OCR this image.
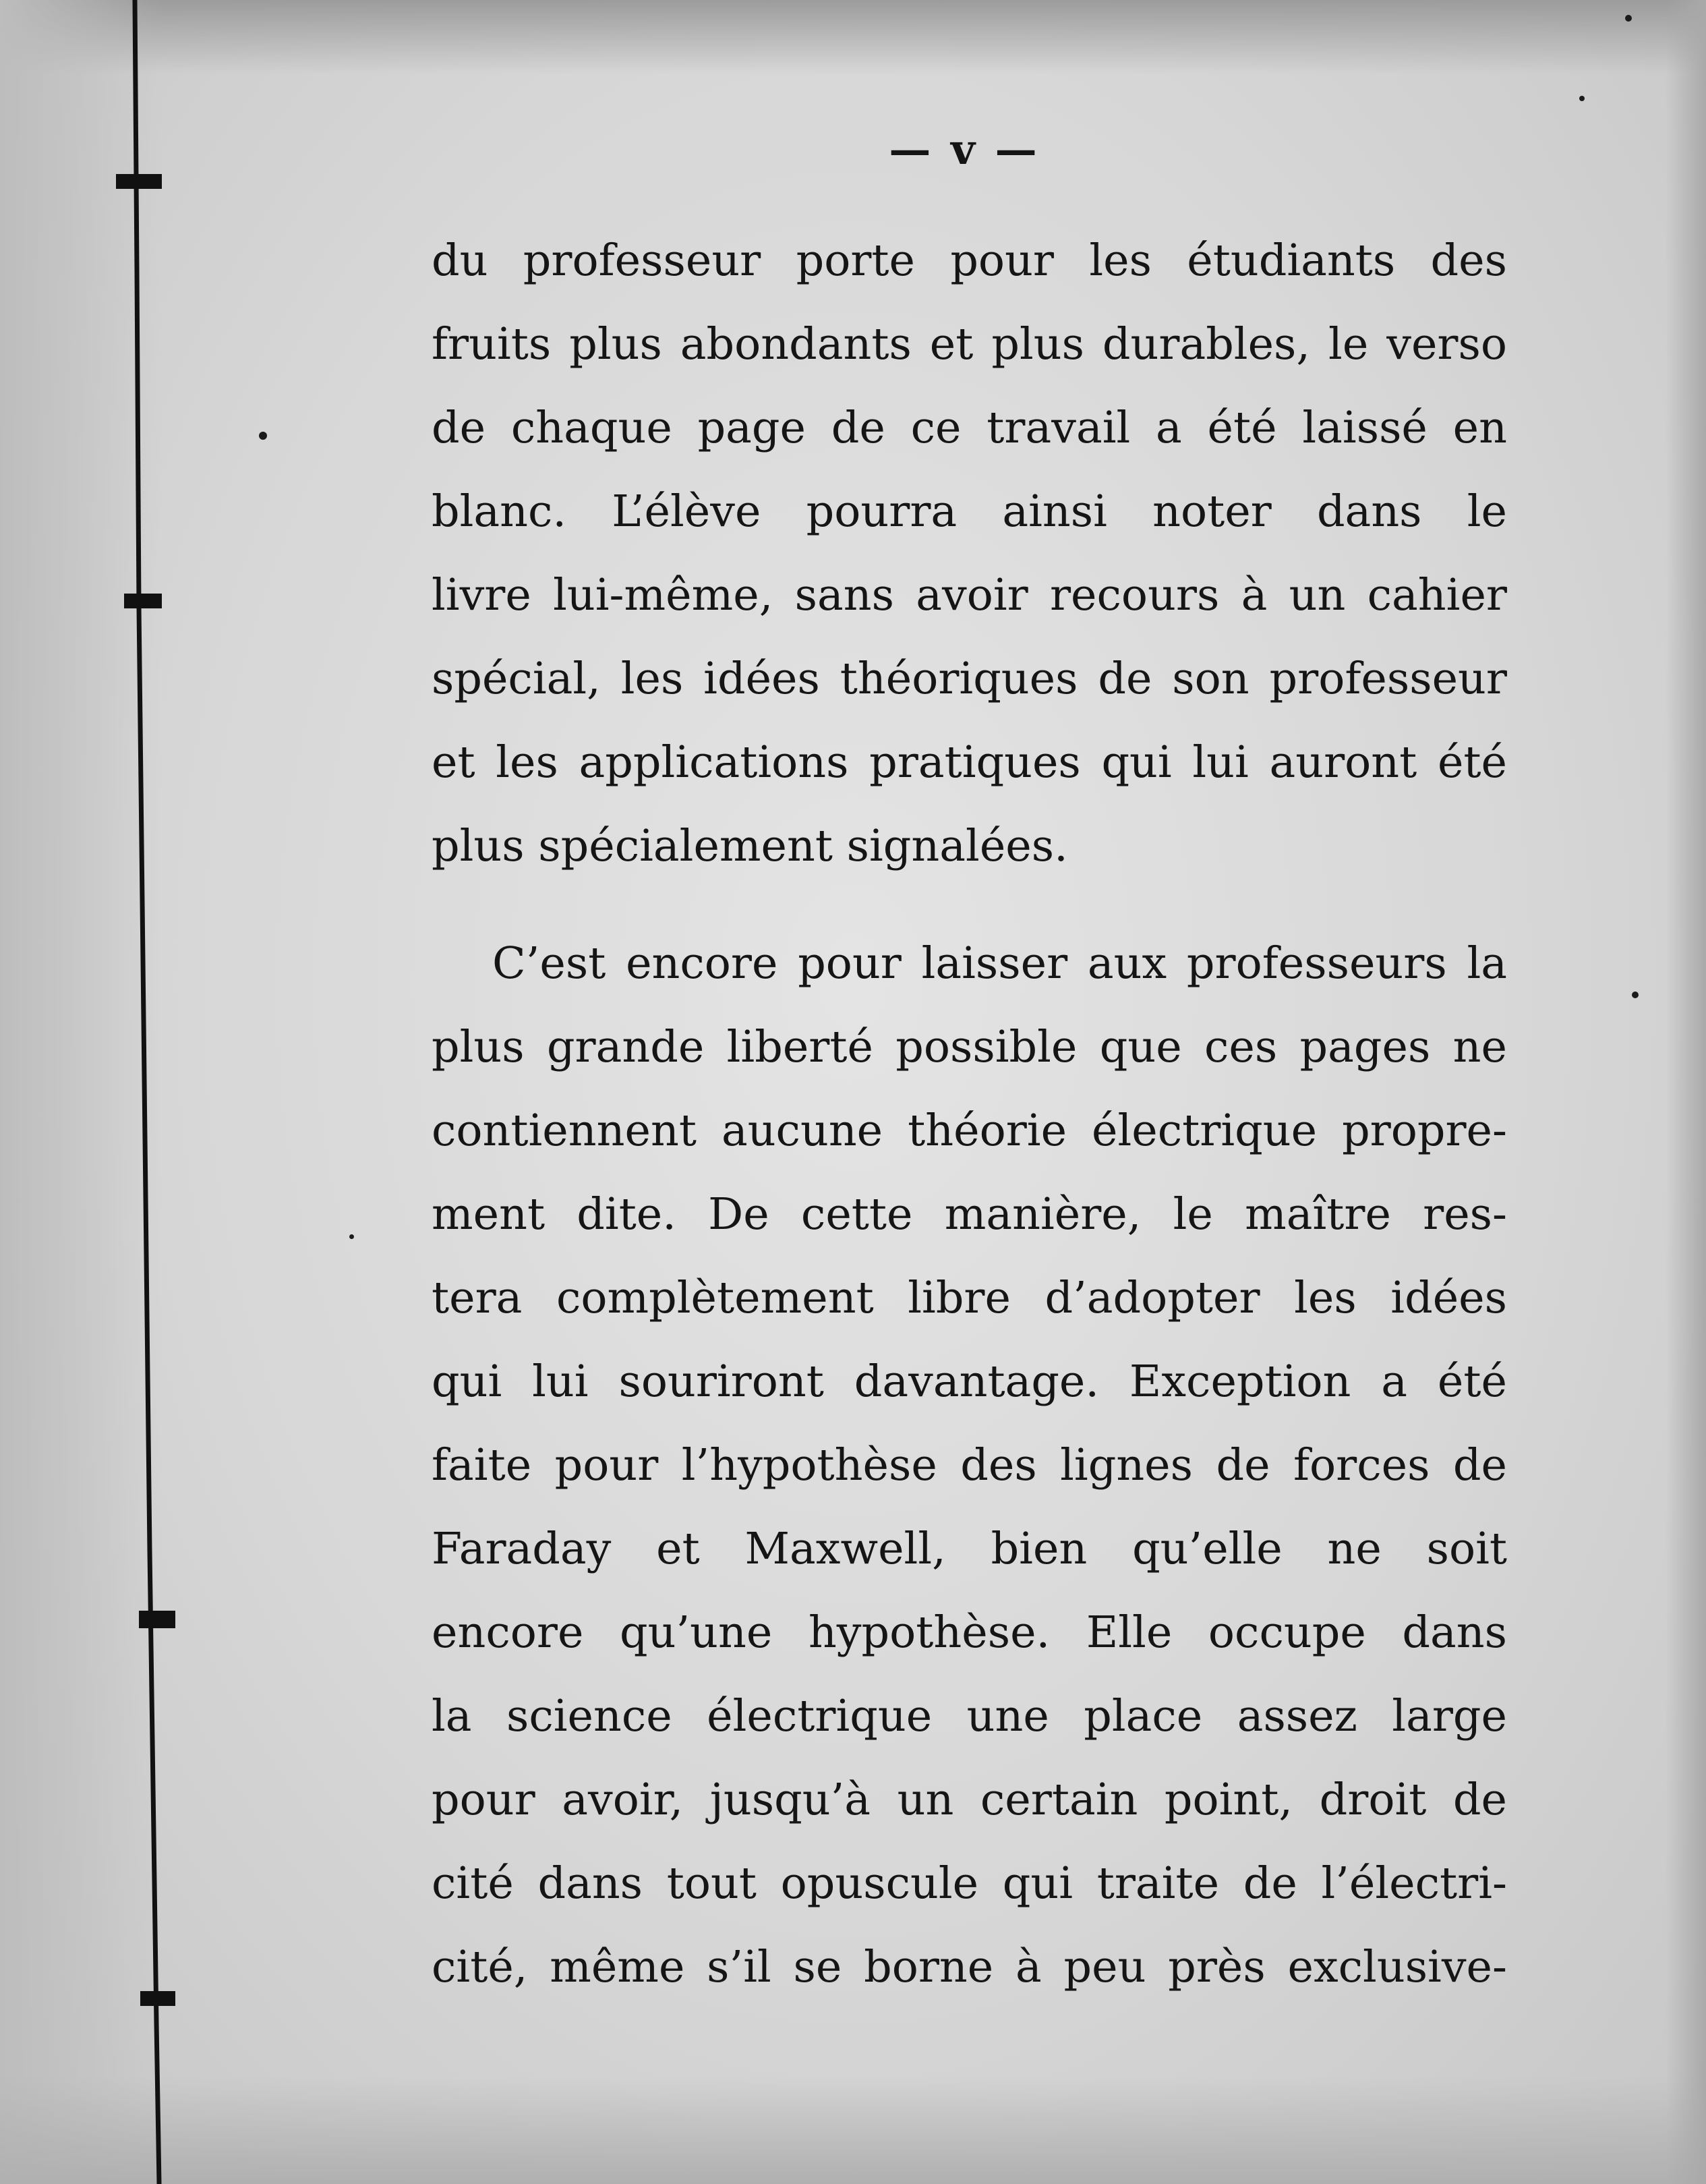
— v —
du professeur porte pour les étudiants des
fruits plus abondants et plus durables, le verso
de chaque page de ce travail a été laissé en
blanc. L’élève pourra ainsi noter dans le
livre lui-même, sans avoir recours à un cahier
spécial, les idées théoriques de son professeur
et les applications pratiques qui lui auront été
plus spécialement signalées.
C’est encore pour laisser aux professeurs la
plus grande liberté possible que ces pages ne
contiennent aucune théorie électrique propre-
ment dite. De cette manière, le maître res-
tera complètement libre d’adopter les idées
qui lui souriront davantage. Exception a été
faite pour l’hypothèse des lignes de forces de
Faraday et Maxwell, bien qu’elle ne soit
encore qu’une hypothèse. Elle occupe dans
la science électrique une place assez large
pour avoir, jusqu’à un certain point, droit de
cité dans tout opuscule qui traite de l’électri-
cité, même s’il se borne à peu près exclusive-
